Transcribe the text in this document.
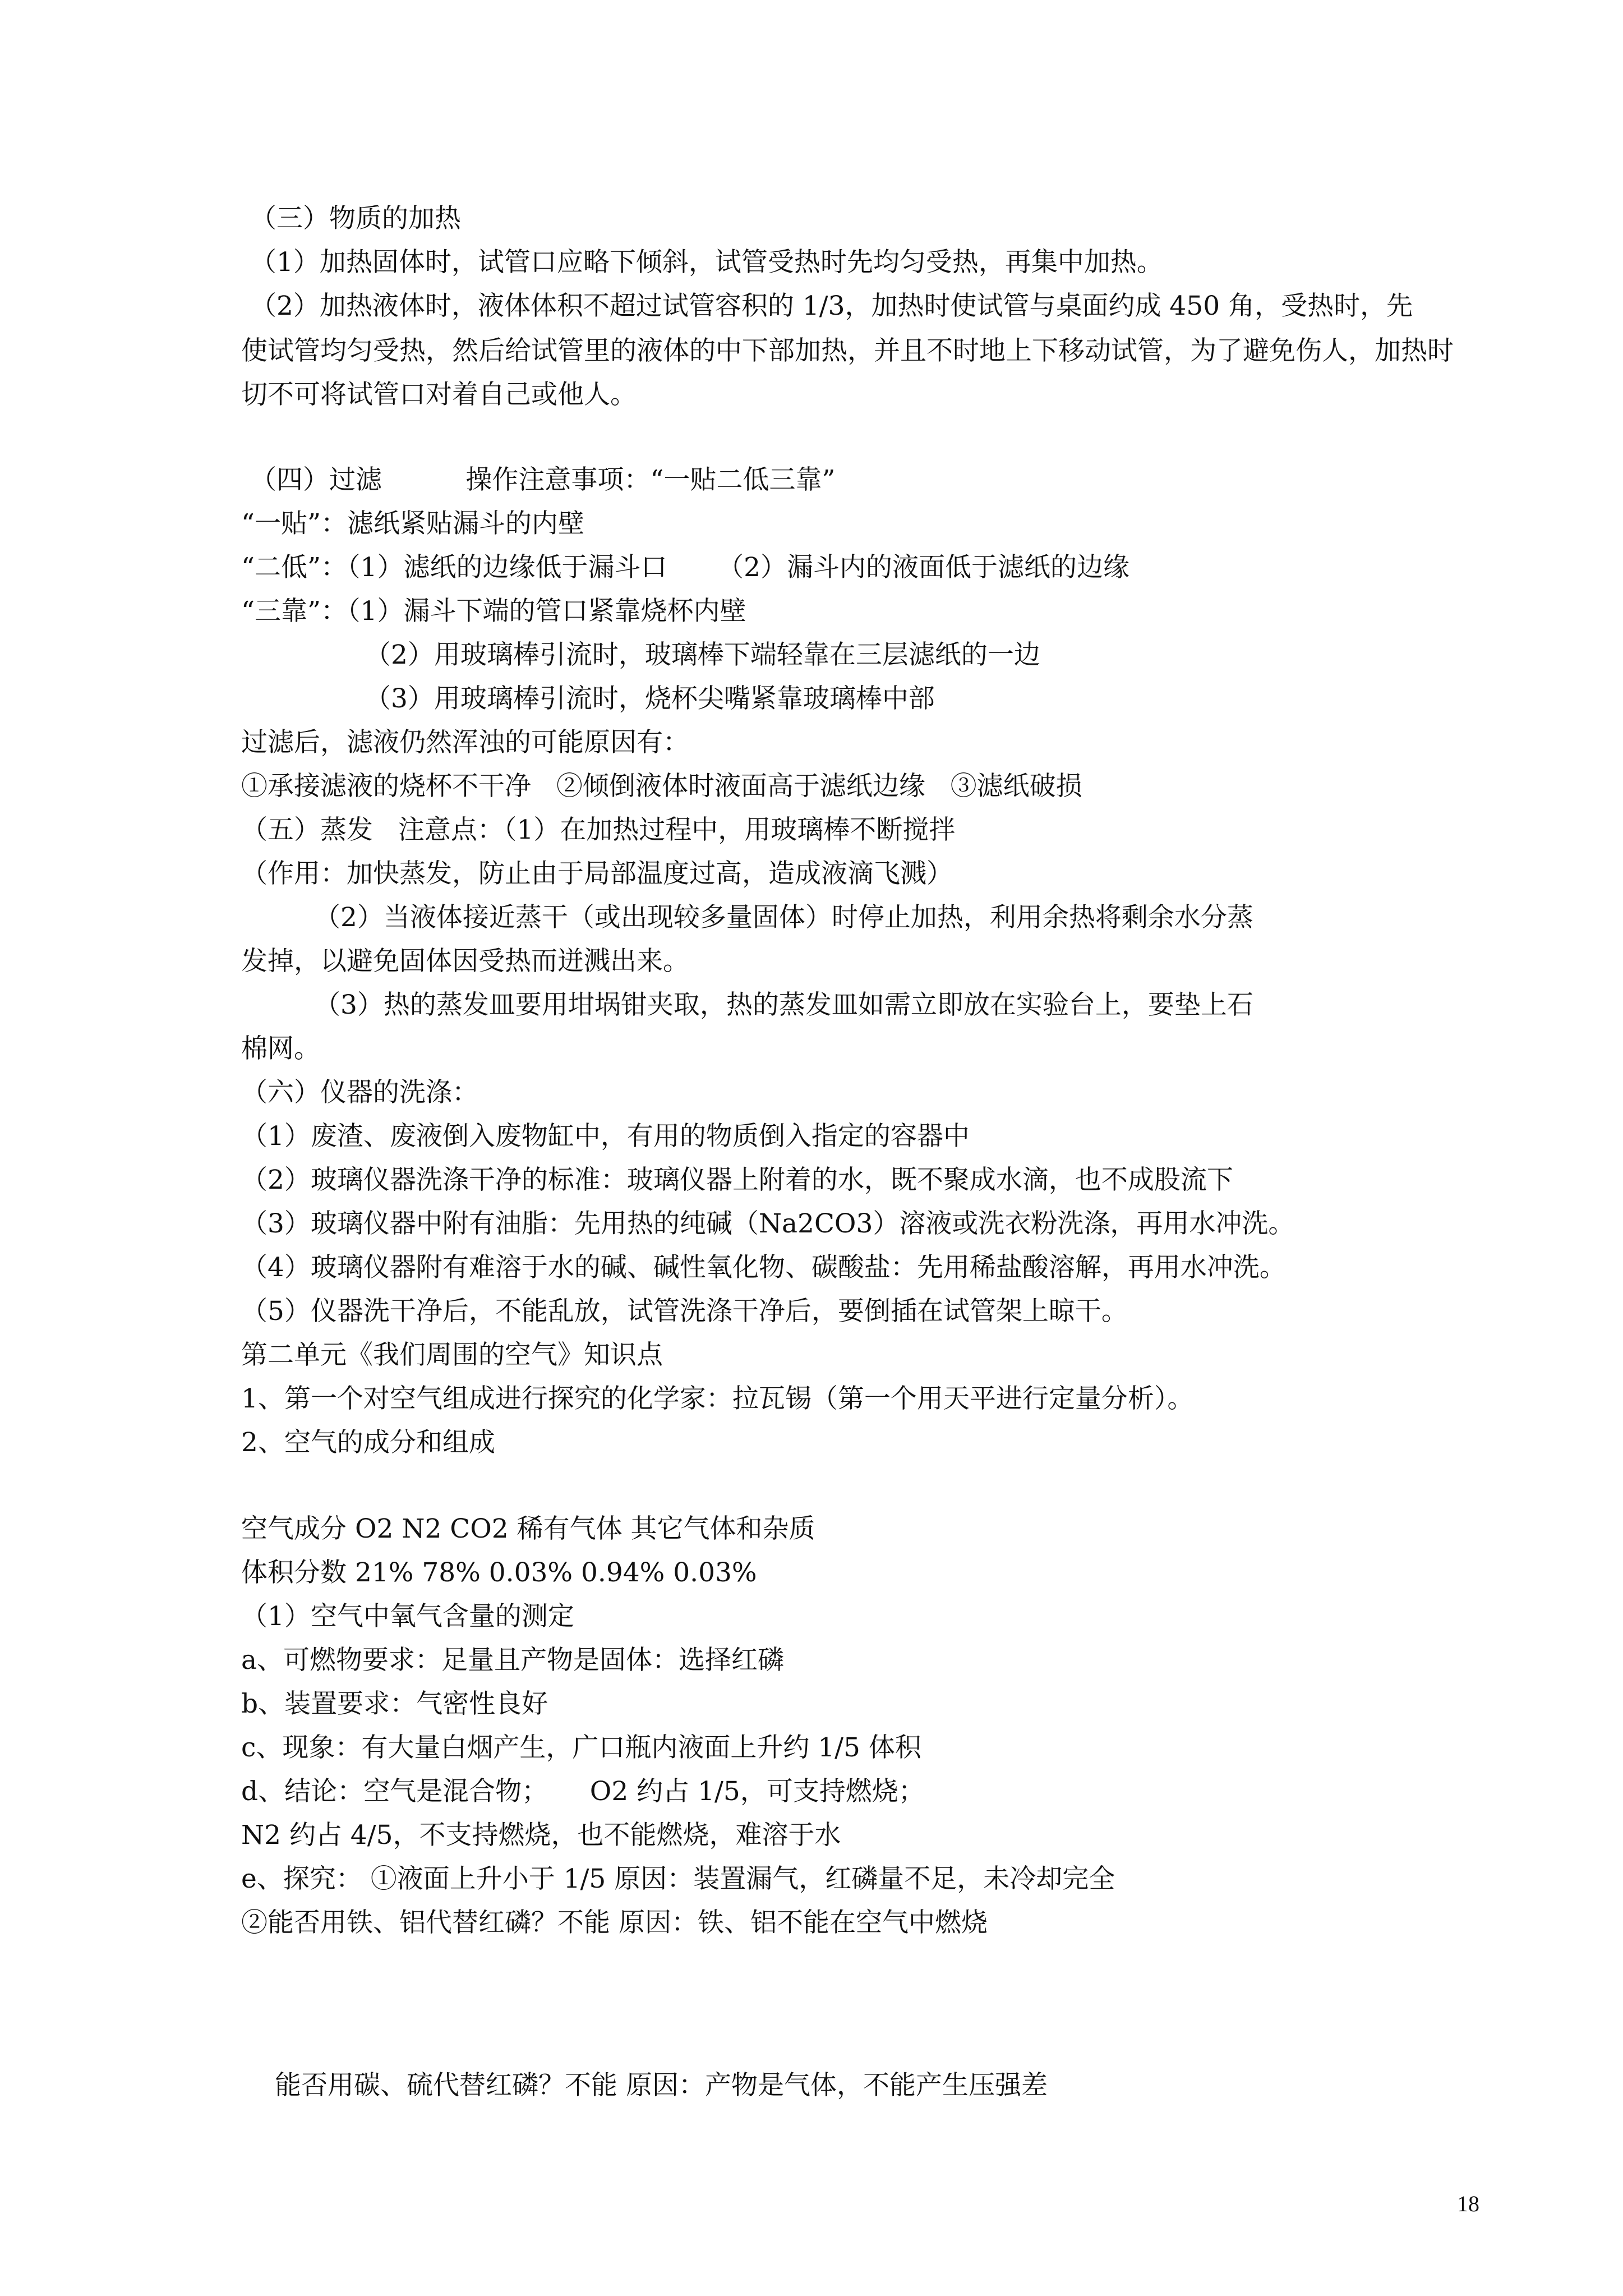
（三）物质的加热
（1）加热固体时，试管口应略下倾斜，试管受热时先均匀受热，再集中加热。
（2）加热液体时，液体体积不超过试管容积的 1/3，加热时使试管与桌面约成 450 角，受热时，先
使试管均匀受热，然后给试管里的液体的中下部加热，并且不时地上下移动试管，为了避免伤人，加热时
切不可将试管口对着自己或他人。
（四）过滤          操作注意事项：“一贴二低三靠”
“一贴”：滤纸紧贴漏斗的内壁
“二低”：（1）滤纸的边缘低于漏斗口      （2）漏斗内的液面低于滤纸的边缘
“三靠”：（1）漏斗下端的管口紧靠烧杯内壁
（2）用玻璃棒引流时，玻璃棒下端轻靠在三层滤纸的一边
（3）用玻璃棒引流时，烧杯尖嘴紧靠玻璃棒中部
过滤后，滤液仍然浑浊的可能原因有：
①承接滤液的烧杯不干净   ②倾倒液体时液面高于滤纸边缘   ③滤纸破损
（五）蒸发   注意点：（1）在加热过程中，用玻璃棒不断搅拌
（作用：加快蒸发，防止由于局部温度过高，造成液滴飞溅）
（2）当液体接近蒸干（或出现较多量固体）时停止加热，利用余热将剩余水分蒸
发掉，以避免固体因受热而迸溅出来。
（3）热的蒸发皿要用坩埚钳夹取，热的蒸发皿如需立即放在实验台上，要垫上石
棉网。
（六）仪器的洗涤：
（1）废渣、废液倒入废物缸中，有用的物质倒入指定的容器中
（2）玻璃仪器洗涤干净的标准：玻璃仪器上附着的水，既不聚成水滴，也不成股流下
（3）玻璃仪器中附有油脂：先用热的纯碱（Na2CO3）溶液或洗衣粉洗涤，再用水冲洗。
（4）玻璃仪器附有难溶于水的碱、碱性氧化物、碳酸盐：先用稀盐酸溶解，再用水冲洗。
（5）仪器洗干净后，不能乱放，试管洗涤干净后，要倒插在试管架上晾干。
第二单元《我们周围的空气》知识点
1、第一个对空气组成进行探究的化学家：拉瓦锡（第一个用天平进行定量分析）。
2、空气的成分和组成
空气成分 O2 N2 CO2 稀有气体 其它气体和杂质
体积分数 21% 78% 0.03% 0.94% 0.03%
（1）空气中氧气含量的测定
a、可燃物要求：足量且产物是固体：选择红磷
b、装置要求：气密性良好
c、现象：有大量白烟产生，广口瓶内液面上升约 1/5 体积
d、结论：空气是混合物；     O2 约占 1/5，可支持燃烧；
N2 约占 4/5，不支持燃烧，也不能燃烧，难溶于水
e、探究： ①液面上升小于 1/5 原因：装置漏气，红磷量不足，未冷却完全
②能否用铁、铝代替红磷？不能 原因：铁、铝不能在空气中燃烧
能否用碳、硫代替红磷？不能 原因：产物是气体，不能产生压强差
18
